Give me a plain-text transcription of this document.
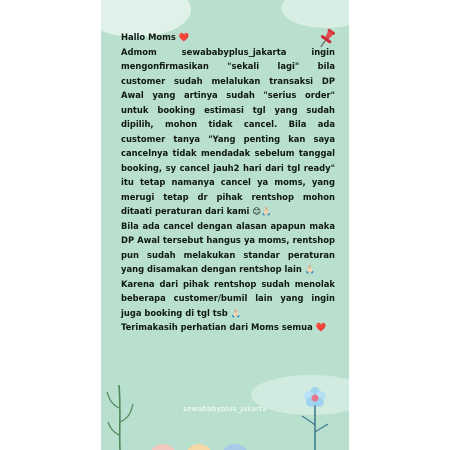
Hallo Moms ❤️

Admom sewababyplus_jakarta ingin mengonfirmasikan "sekali lagi" bila customer sudah melalukan transaksi DP Awal yang artinya sudah "serius order" untuk booking estimasi tgl yang sudah dipilih, mohon tidak cancel. Bila ada customer tanya "Yang penting kan saya cancelnya tidak mendadak sebelum tanggal booking, sy cancel jauh2 hari dari tgl ready" itu tetap namanya cancel ya moms, yang merugi tetap dr pihak rentshop mohon ditaati peraturan dari kami 😊🙏🏻

Bila ada cancel dengan alasan apapun maka DP Awal tersebut hangus ya moms, rentshop pun sudah melakukan standar peraturan yang disamakan dengan rentshop lain 🙏🏻

Karena dari pihak rentshop sudah menolak beberapa customer/bumil lain yang ingin juga booking di tgl tsb 🙏🏻

Terimakasih perhatian dari Moms semua ❤️

sewababyplus_jakarta
